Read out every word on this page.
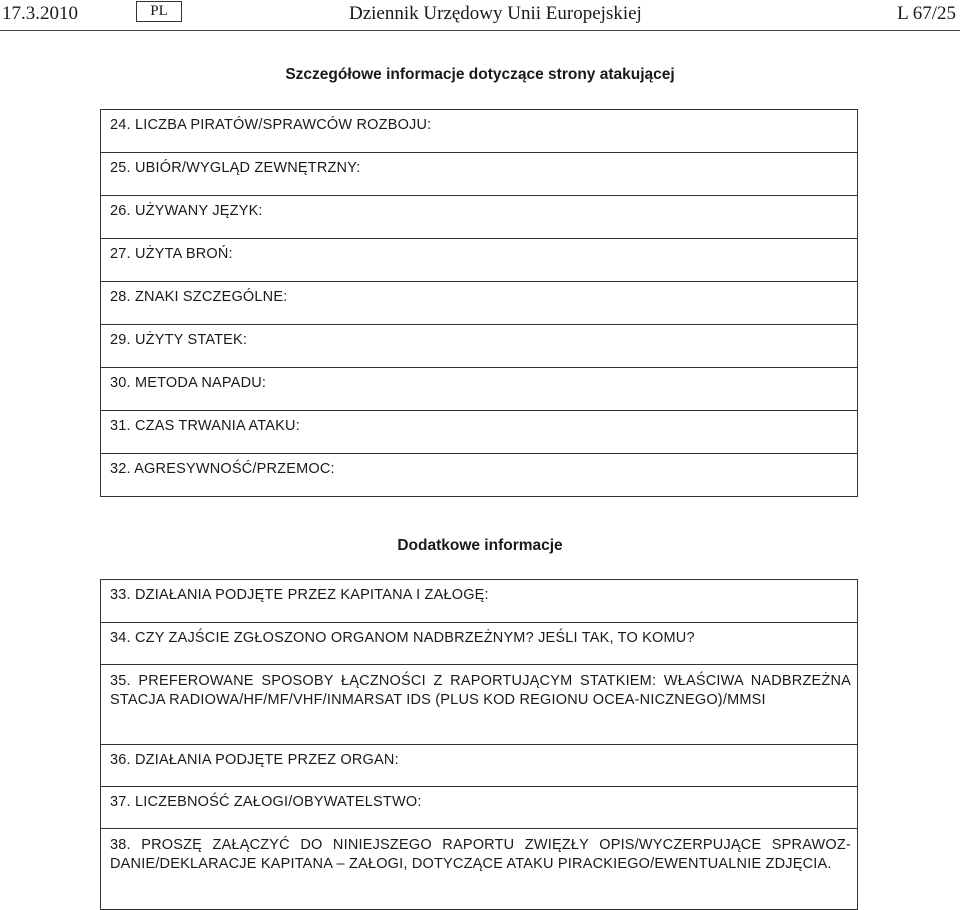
17.3.2010	PL	Dziennik Urzędowy Unii Europejskiej	L 67/25
Szczegółowe informacje dotyczące strony atakującej
24. LICZBA PIRATÓW/SPRAWCÓW ROZBOJU:
25. UBIÓR/WYGLĄD ZEWNĘTRZNY:
26. UŻYWANY JĘZYK:
27. UŻYTA BROŃ:
28. ZNAKI SZCZEGÓLNE:
29. UŻYTY STATEK:
30. METODA NAPADU:
31. CZAS TRWANIA ATAKU:
32. AGRESYWNOŚĆ/PRZEMOC:
Dodatkowe informacje
33. DZIAŁANIA PODJĘTE PRZEZ KAPITANA I ZAŁOGĘ:
34. CZY ZAJŚCIE ZGŁOSZONO ORGANOM NADBRZEŻNYM? JEŚLI TAK, TO KOMU?
35. PREFEROWANE SPOSOBY ŁĄCZNOŚCI Z RAPORTUJĄCYM STATKIEM: WŁAŚCIWA NADBRZEŻNA STACJA RADIOWA/HF/MF/VHF/INMARSAT IDS (PLUS KOD REGIONU OCEA-NICZNEGO)/MMSI
36. DZIAŁANIA PODJĘTE PRZEZ ORGAN:
37. LICZEBNOŚĆ ZAŁOGI/OBYWATELSTWO:
38. PROSZĘ ZAŁĄCZYĆ DO NINIEJSZEGO RAPORTU ZWIĘZŁY OPIS/WYCZERPUJĄCE SPRAWOZ-DANIE/DEKLARACJE KAPITANA – ZAŁOGI, DOTYCZĄCE ATAKU PIRACKIEGO/EWENTUALNIE ZDJĘCIA.
